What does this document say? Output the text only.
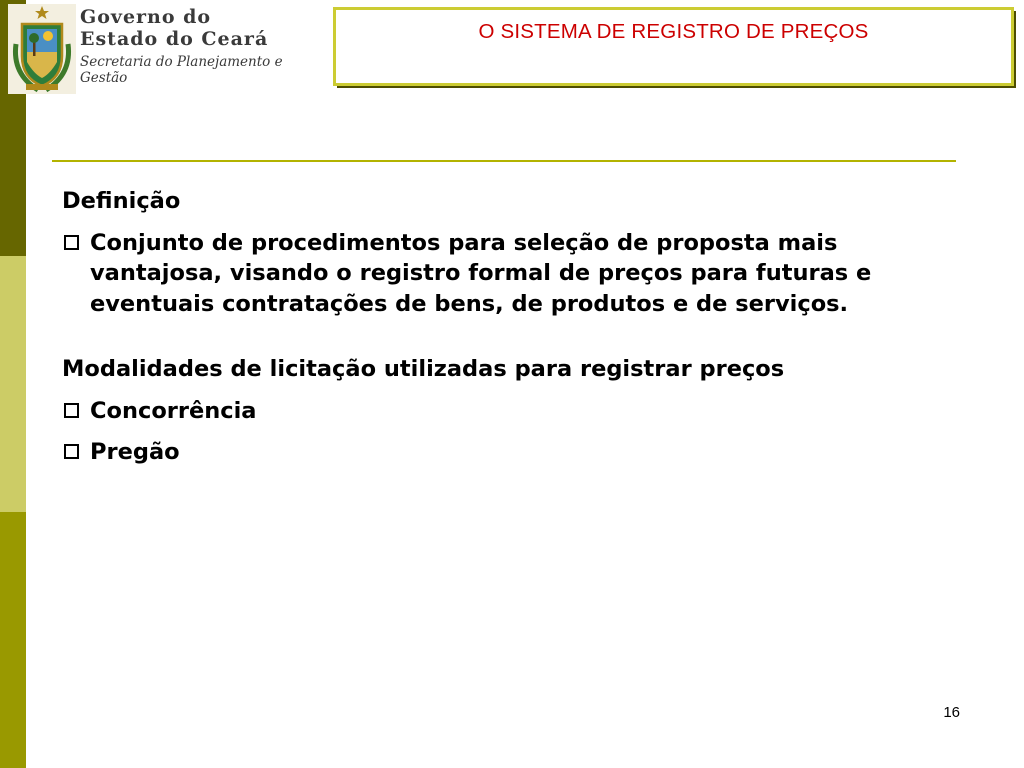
Governo do
Estado do Ceará
Secretaria do Planejamento e
Gestão
O SISTEMA DE REGISTRO DE PREÇOS

Definição

Conjunto de procedimentos para seleção de proposta mais vantajosa, visando o registro formal de preços para futuras e eventuais contratações de bens, de produtos e de serviços.

Modalidades de licitação utilizadas para registrar preços

Concorrência
Pregão
16
